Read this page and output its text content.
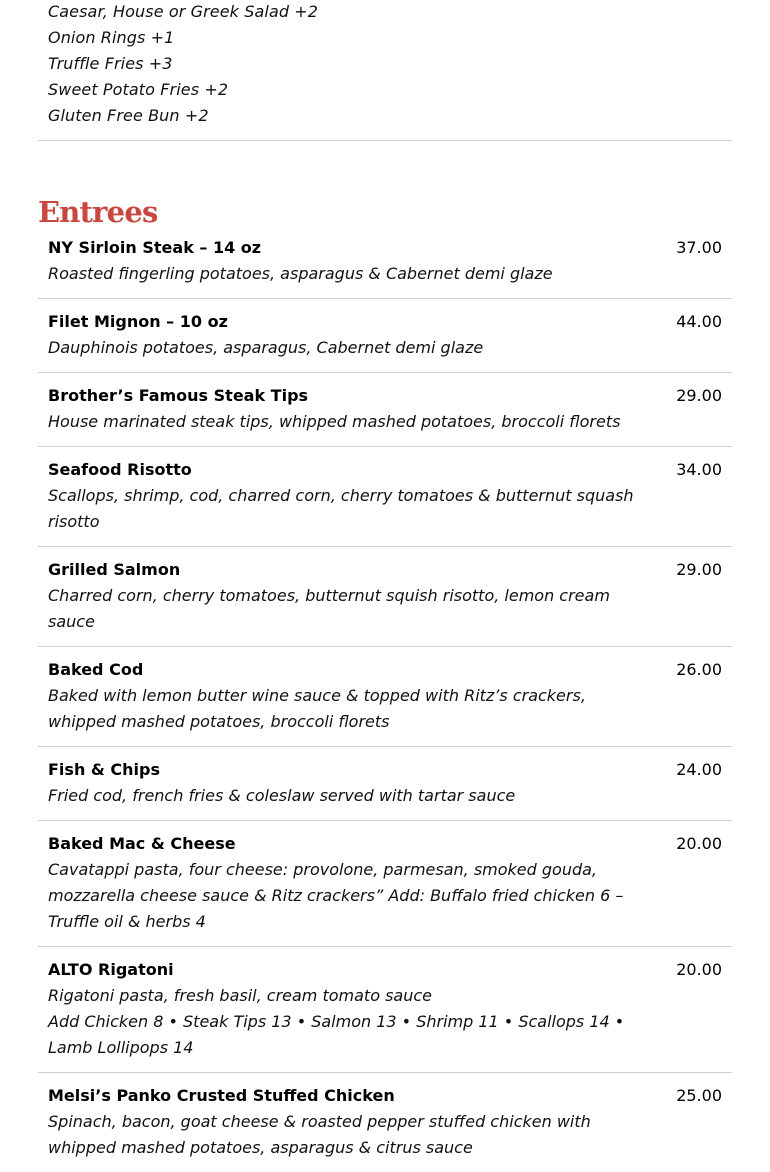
Caesar, House or Greek Salad +2
Onion Rings +1
Truffle Fries +3
Sweet Potato Fries +2
Gluten Free Bun +2
Entrees
NY Sirloin Steak – 14 oz
Roasted fingerling potatoes, asparagus & Cabernet demi glaze
37.00
Filet Mignon – 10 oz
Dauphinois potatoes, asparagus, Cabernet demi glaze
44.00
Brother’s Famous Steak Tips
House marinated steak tips, whipped mashed potatoes, broccoli florets
29.00
Seafood Risotto
Scallops, shrimp, cod, charred corn, cherry tomatoes & butternut squash risotto
34.00
Grilled Salmon
Charred corn, cherry tomatoes, butternut squish risotto, lemon cream sauce
29.00
Baked Cod
Baked with lemon butter wine sauce & topped with Ritz’s crackers, whipped mashed potatoes, broccoli florets
26.00
Fish & Chips
Fried cod, french fries & coleslaw served with tartar sauce
24.00
Baked Mac & Cheese
Cavatappi pasta, four cheese: provolone, parmesan, smoked gouda, mozzarella cheese sauce & Ritz crackers” Add: Buffalo fried chicken 6 – Truffle oil & herbs 4
20.00
ALTO Rigatoni
Rigatoni pasta, fresh basil, cream tomato sauce
Add Chicken 8 • Steak Tips 13 • Salmon 13 • Shrimp 11 • Scallops 14 • Lamb Lollipops 14
20.00
Melsi’s Panko Crusted Stuffed Chicken
Spinach, bacon, goat cheese & roasted pepper stuffed chicken with whipped mashed potatoes, asparagus & citrus sauce
25.00
